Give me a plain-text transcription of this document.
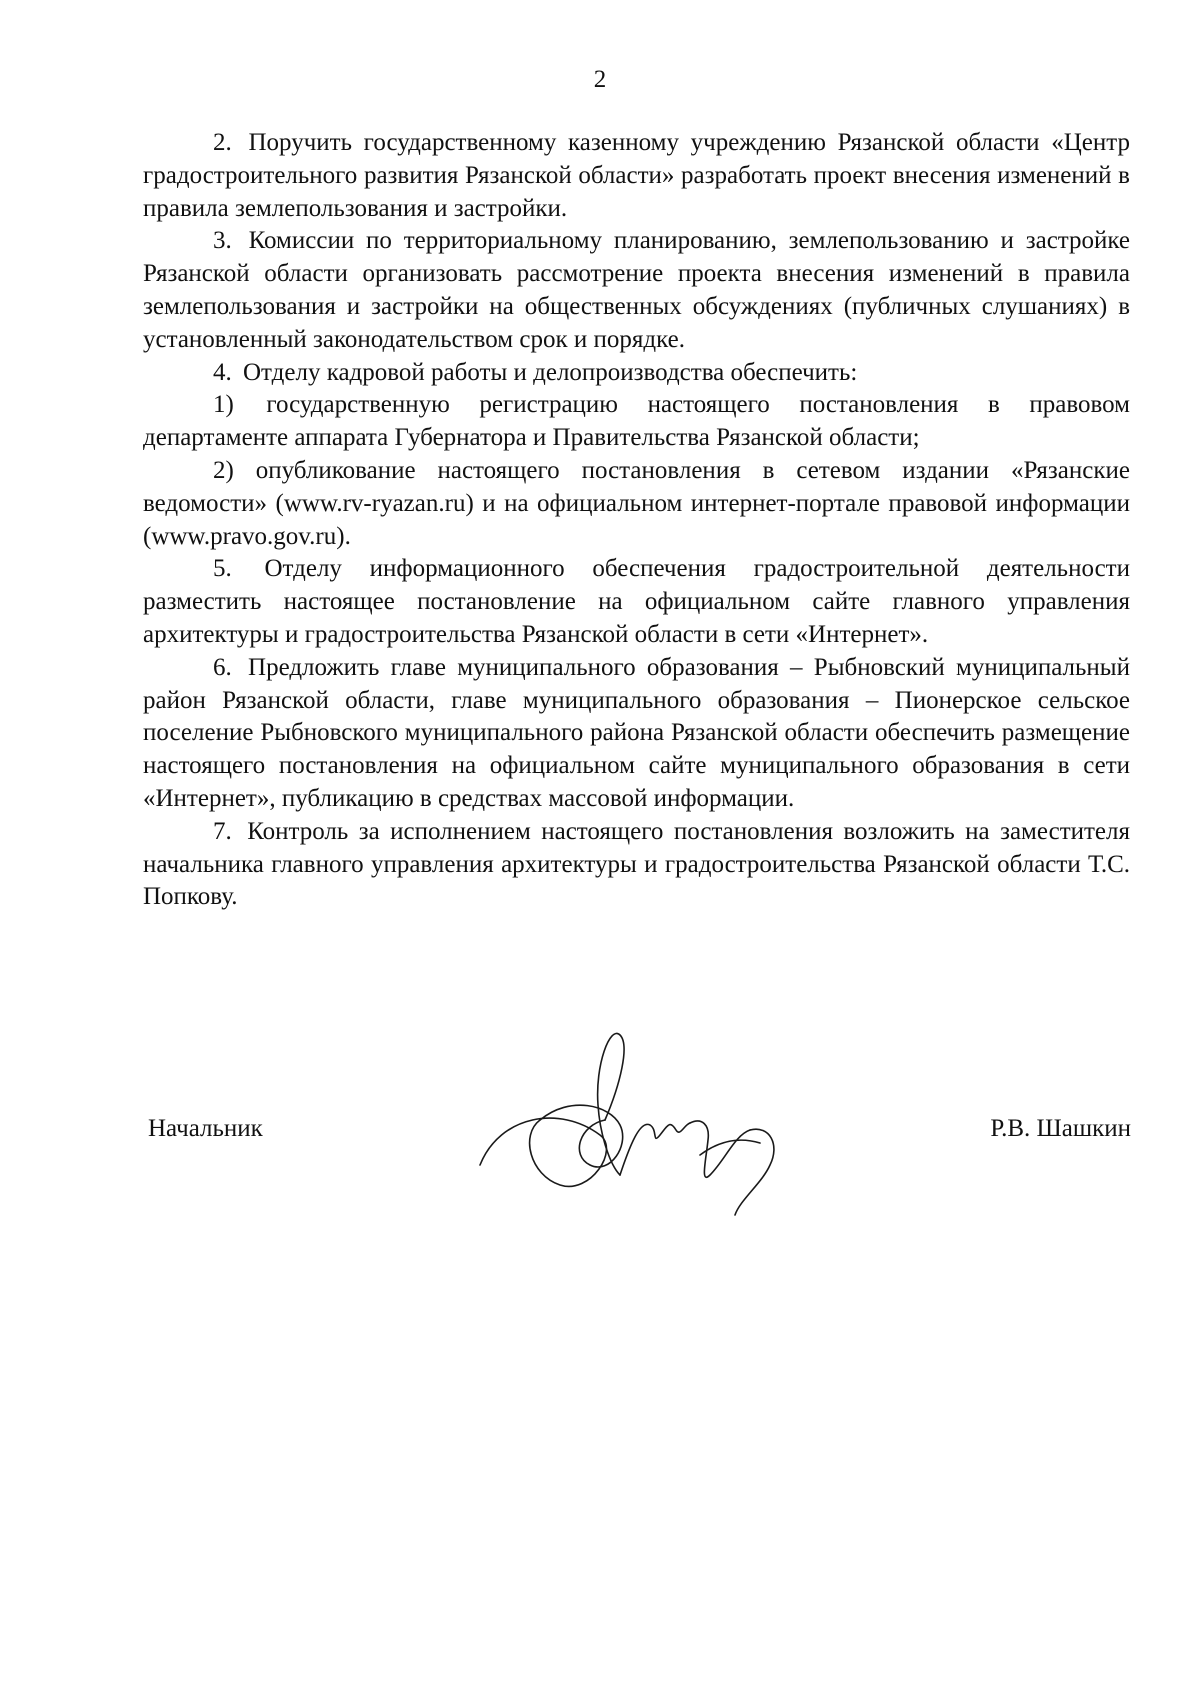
2

2.	Поручить государственному казенному учреждению Рязанской области «Центр градостроительного развития Рязанской области» разработать проект внесения изменений в правила землепользования и застройки.

3.	Комиссии по территориальному планированию, землепользованию и застройке Рязанской области организовать рассмотрение проекта внесения изменений в правила землепользования и застройки на общественных обсуждениях (публичных слушаниях) в установленный законодательством срок и порядке.

4.	Отделу кадровой работы и делопроизводства обеспечить:

1)	государственную регистрацию настоящего постановления в правовом департаменте аппарата Губернатора и Правительства Рязанской области;

2) опубликование настоящего постановления в сетевом издании «Рязанские ведомости» (www.rv-ryazan.ru) и на официальном интернет-портале правовой информации (www.pravo.gov.ru).

5.	Отделу информационного обеспечения градостроительной деятельности разместить настоящее постановление на официальном сайте главного управления архитектуры и градостроительства Рязанской области в сети «Интернет».

6.	Предложить главе муниципального образования – Рыбновский муниципальный район Рязанской области, главе муниципального образования – Пионерское сельское поселение Рыбновского муниципального района Рязанской области обеспечить размещение настоящего постановления на официальном сайте муниципального образования в сети «Интернет», публикацию в средствах массовой информации.

7.	Контроль за исполнением настоящего постановления возложить на заместителя начальника главного управления архитектуры и градостроительства Рязанской области Т.С. Попкову.

Начальник	Р.В. Шашкин
